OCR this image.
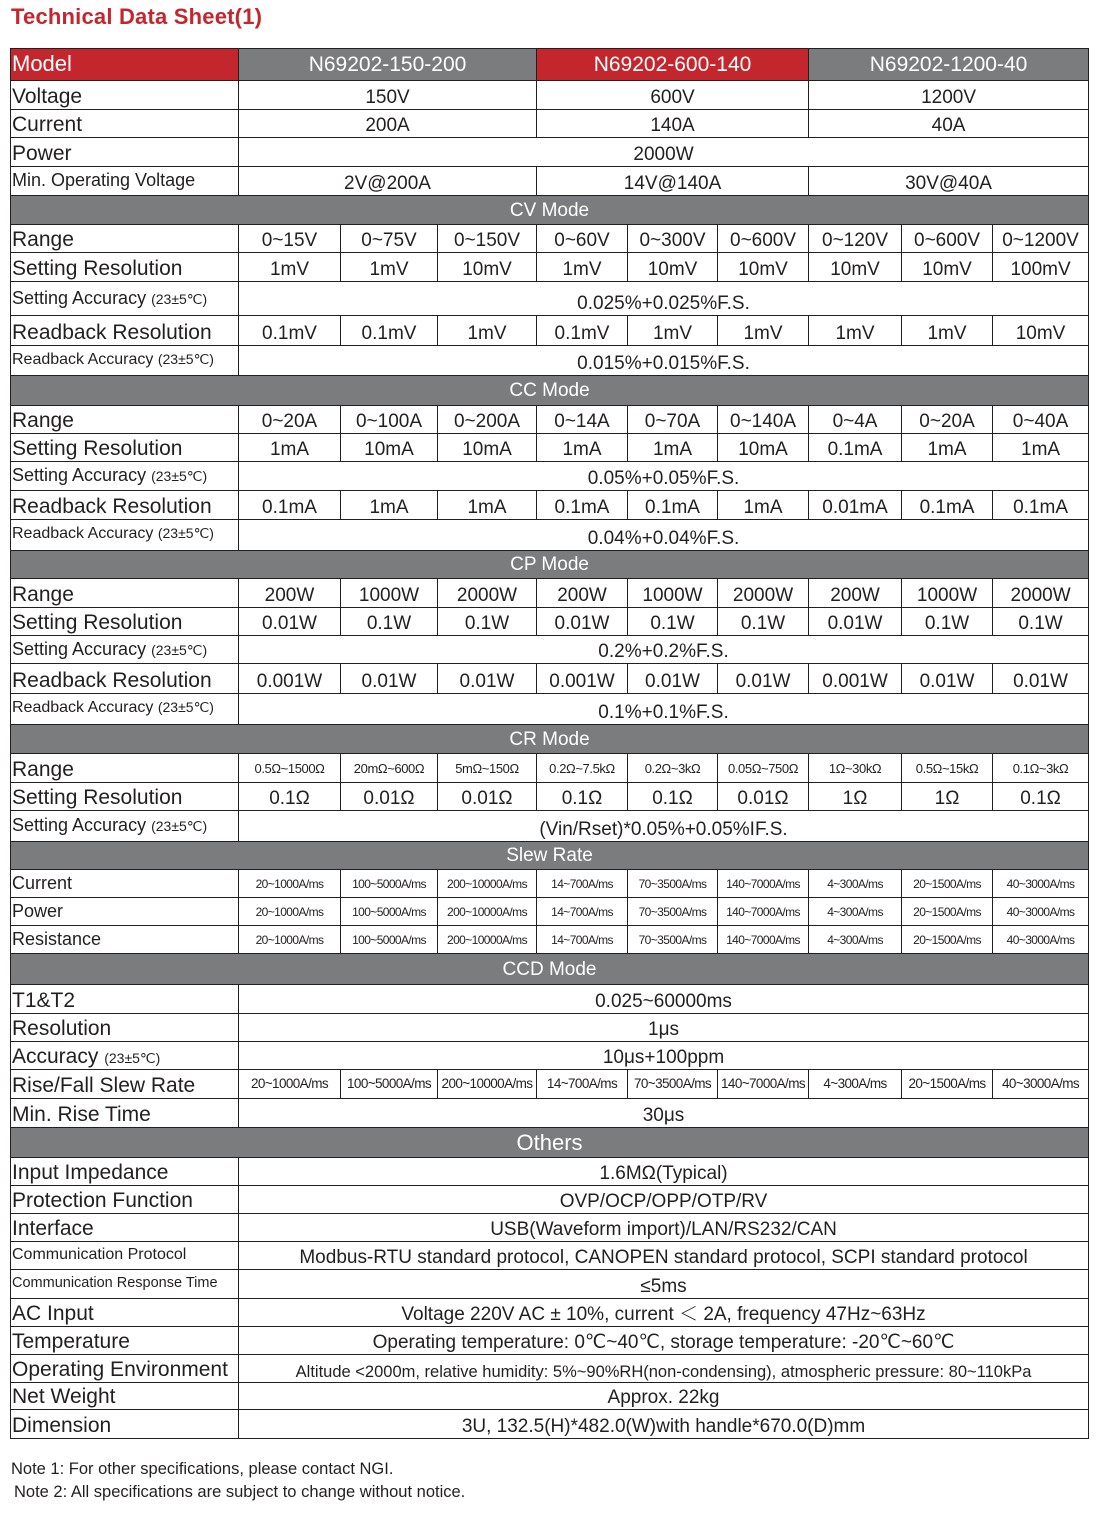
Technical Data Sheet(1)
Model	N69202-150-200			N69202-600-140			N69202-1200-40		
Voltage	150V			600V			1200V		
Current	200A			140A			40A		
Power	2000W								
Min. Operating Voltage	2V@200A			14V@140A			30V@40A		
CV Mode									
Range	0~15V	0~75V	0~150V	0~60V	0~300V	0~600V	0~120V	0~600V	0~1200V
Setting Resolution	1mV	1mV	10mV	1mV	10mV	10mV	10mV	10mV	100mV
Setting Accuracy (23±5℃)	0.025%+0.025%F.S.								
Readback Resolution	0.1mV	0.1mV	1mV	0.1mV	1mV	1mV	1mV	1mV	10mV
Readback Accuracy (23±5℃)	0.015%+0.015%F.S.								
CC Mode									
Range	0~20A	0~100A	0~200A	0~14A	0~70A	0~140A	0~4A	0~20A	0~40A
Setting Resolution	1mA	10mA	10mA	1mA	1mA	10mA	0.1mA	1mA	1mA
Setting Accuracy (23±5℃)	0.05%+0.05%F.S.								
Readback Resolution	0.1mA	1mA	1mA	0.1mA	0.1mA	1mA	0.01mA	0.1mA	0.1mA
Readback Accuracy (23±5℃)	0.04%+0.04%F.S.								
CP Mode									
Range	200W	1000W	2000W	200W	1000W	2000W	200W	1000W	2000W
Setting Resolution	0.01W	0.1W	0.1W	0.01W	0.1W	0.1W	0.01W	0.1W	0.1W
Setting Accuracy (23±5℃)	0.2%+0.2%F.S.								
Readback Resolution	0.001W	0.01W	0.01W	0.001W	0.01W	0.01W	0.001W	0.01W	0.01W
Readback Accuracy (23±5℃)	0.1%+0.1%F.S.								
CR Mode									
Range	0.5Ω~1500Ω	20mΩ~600Ω	5mΩ~150Ω	0.2Ω~7.5kΩ	0.2Ω~3kΩ	0.05Ω~750Ω	1Ω~30kΩ	0.5Ω~15kΩ	0.1Ω~3kΩ
Setting Resolution	0.1Ω	0.01Ω	0.01Ω	0.1Ω	0.1Ω	0.01Ω	1Ω	1Ω	0.1Ω
Setting Accuracy (23±5℃)	(Vin/Rset)*0.05%+0.05%IF.S.								
Slew Rate									
Current	20~1000A/ms	100~5000A/ms	200~10000A/ms	14~700A/ms	70~3500A/ms	140~7000A/ms	4~300A/ms	20~1500A/ms	40~3000A/ms
Power	20~1000A/ms	100~5000A/ms	200~10000A/ms	14~700A/ms	70~3500A/ms	140~7000A/ms	4~300A/ms	20~1500A/ms	40~3000A/ms
Resistance	20~1000A/ms	100~5000A/ms	200~10000A/ms	14~700A/ms	70~3500A/ms	140~7000A/ms	4~300A/ms	20~1500A/ms	40~3000A/ms
CCD Mode									
T1&T2	0.025~60000ms								
Resolution	1μs								
Accuracy (23±5℃)	10μs+100ppm								
Rise/Fall Slew Rate	20~1000A/ms	100~5000A/ms	200~10000A/ms	14~700A/ms	70~3500A/ms	140~7000A/ms	4~300A/ms	20~1500A/ms	40~3000A/ms
Min. Rise Time	30μs								
Others									
Input Impedance	1.6MΩ(Typical)								
Protection Function	OVP/OCP/OPP/OTP/RV								
Interface	USB(Waveform import)/LAN/RS232/CAN								
Communication Protocol	Modbus-RTU standard protocol, CANOPEN standard protocol, SCPI standard protocol								
Communication Response Time	≤5ms								
AC Input	Voltage 220V AC ± 10%, current ＜ 2A, frequency 47Hz~63Hz								
Temperature	Operating temperature: 0℃~40℃, storage temperature: -20℃~60℃								
Operating Environment	Altitude <2000m, relative humidity: 5%~90%RH(non-condensing), atmospheric pressure: 80~110kPa								
Net Weight	Approx. 22kg								
Dimension	3U, 132.5(H)*482.0(W)with handle*670.0(D)mm								
Note 1: For other specifications, please contact NGI.
Note 2: All specifications are subject to change without notice.
